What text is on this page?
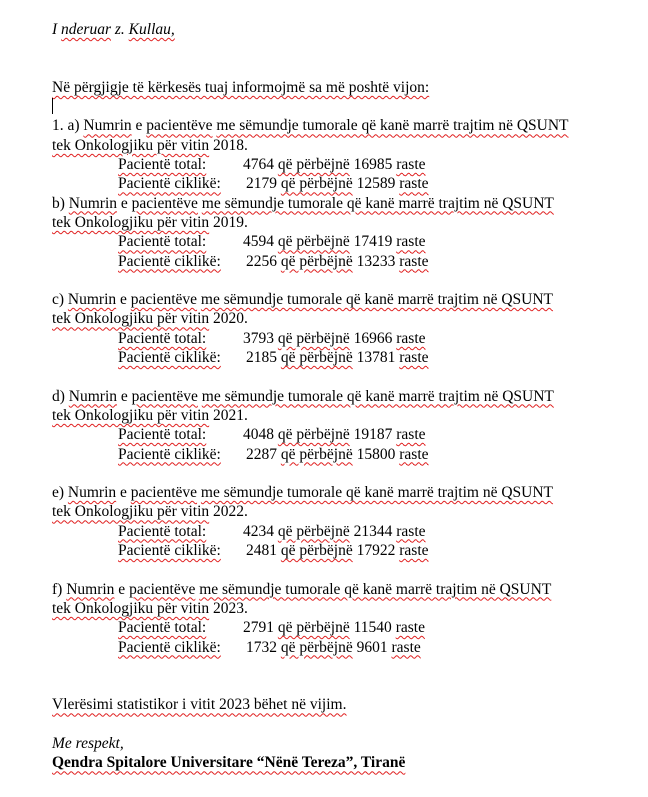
I nderuar z. Kullau,
Në përgjigje të kërkesës tuaj informojmë sa më poshtë vijon:
1. a) Numrin e pacientëve me sëmundje tumorale që kanë marrë trajtim në QSUNT
tek Onkologjiku për vitin 2018.
Pacientë total:	4764 që përbëjnë 16985 raste
Pacientë ciklikë:	2179 që përbëjnë 12589 raste
b) Numrin e pacientëve me sëmundje tumorale që kanë marrë trajtim në QSUNT
tek Onkologjiku për vitin 2019.
Pacientë total:	4594 që përbëjnë 17419 raste
Pacientë ciklikë:	2256 që përbëjnë 13233 raste
c) Numrin e pacientëve me sëmundje tumorale që kanë marrë trajtim në QSUNT
tek Onkologjiku për vitin 2020.
Pacientë total:	3793 që përbëjnë 16966 raste
Pacientë ciklikë:	2185 që përbëjnë 13781 raste
d) Numrin e pacientëve me sëmundje tumorale që kanë marrë trajtim në QSUNT
tek Onkologjiku për vitin 2021.
Pacientë total:	4048 që përbëjnë 19187 raste
Pacientë ciklikë:	2287 që përbëjnë 15800 raste
e) Numrin e pacientëve me sëmundje tumorale që kanë marrë trajtim në QSUNT
tek Onkologjiku për vitin 2022.
Pacientë total:	4234 që përbëjnë 21344 raste
Pacientë ciklikë:	2481 që përbëjnë 17922 raste
f) Numrin e pacientëve me sëmundje tumorale që kanë marrë trajtim në QSUNT
tek Onkologjiku për vitin 2023.
Pacientë total:	2791 që përbëjnë 11540 raste
Pacientë ciklikë:	1732 që përbëjnë 9601 raste
Vlerësimi statistikor i vitit 2023 bëhet në vijim.
Me respekt,
Qendra Spitalore Universitare “Nënë Tereza”, Tiranë
